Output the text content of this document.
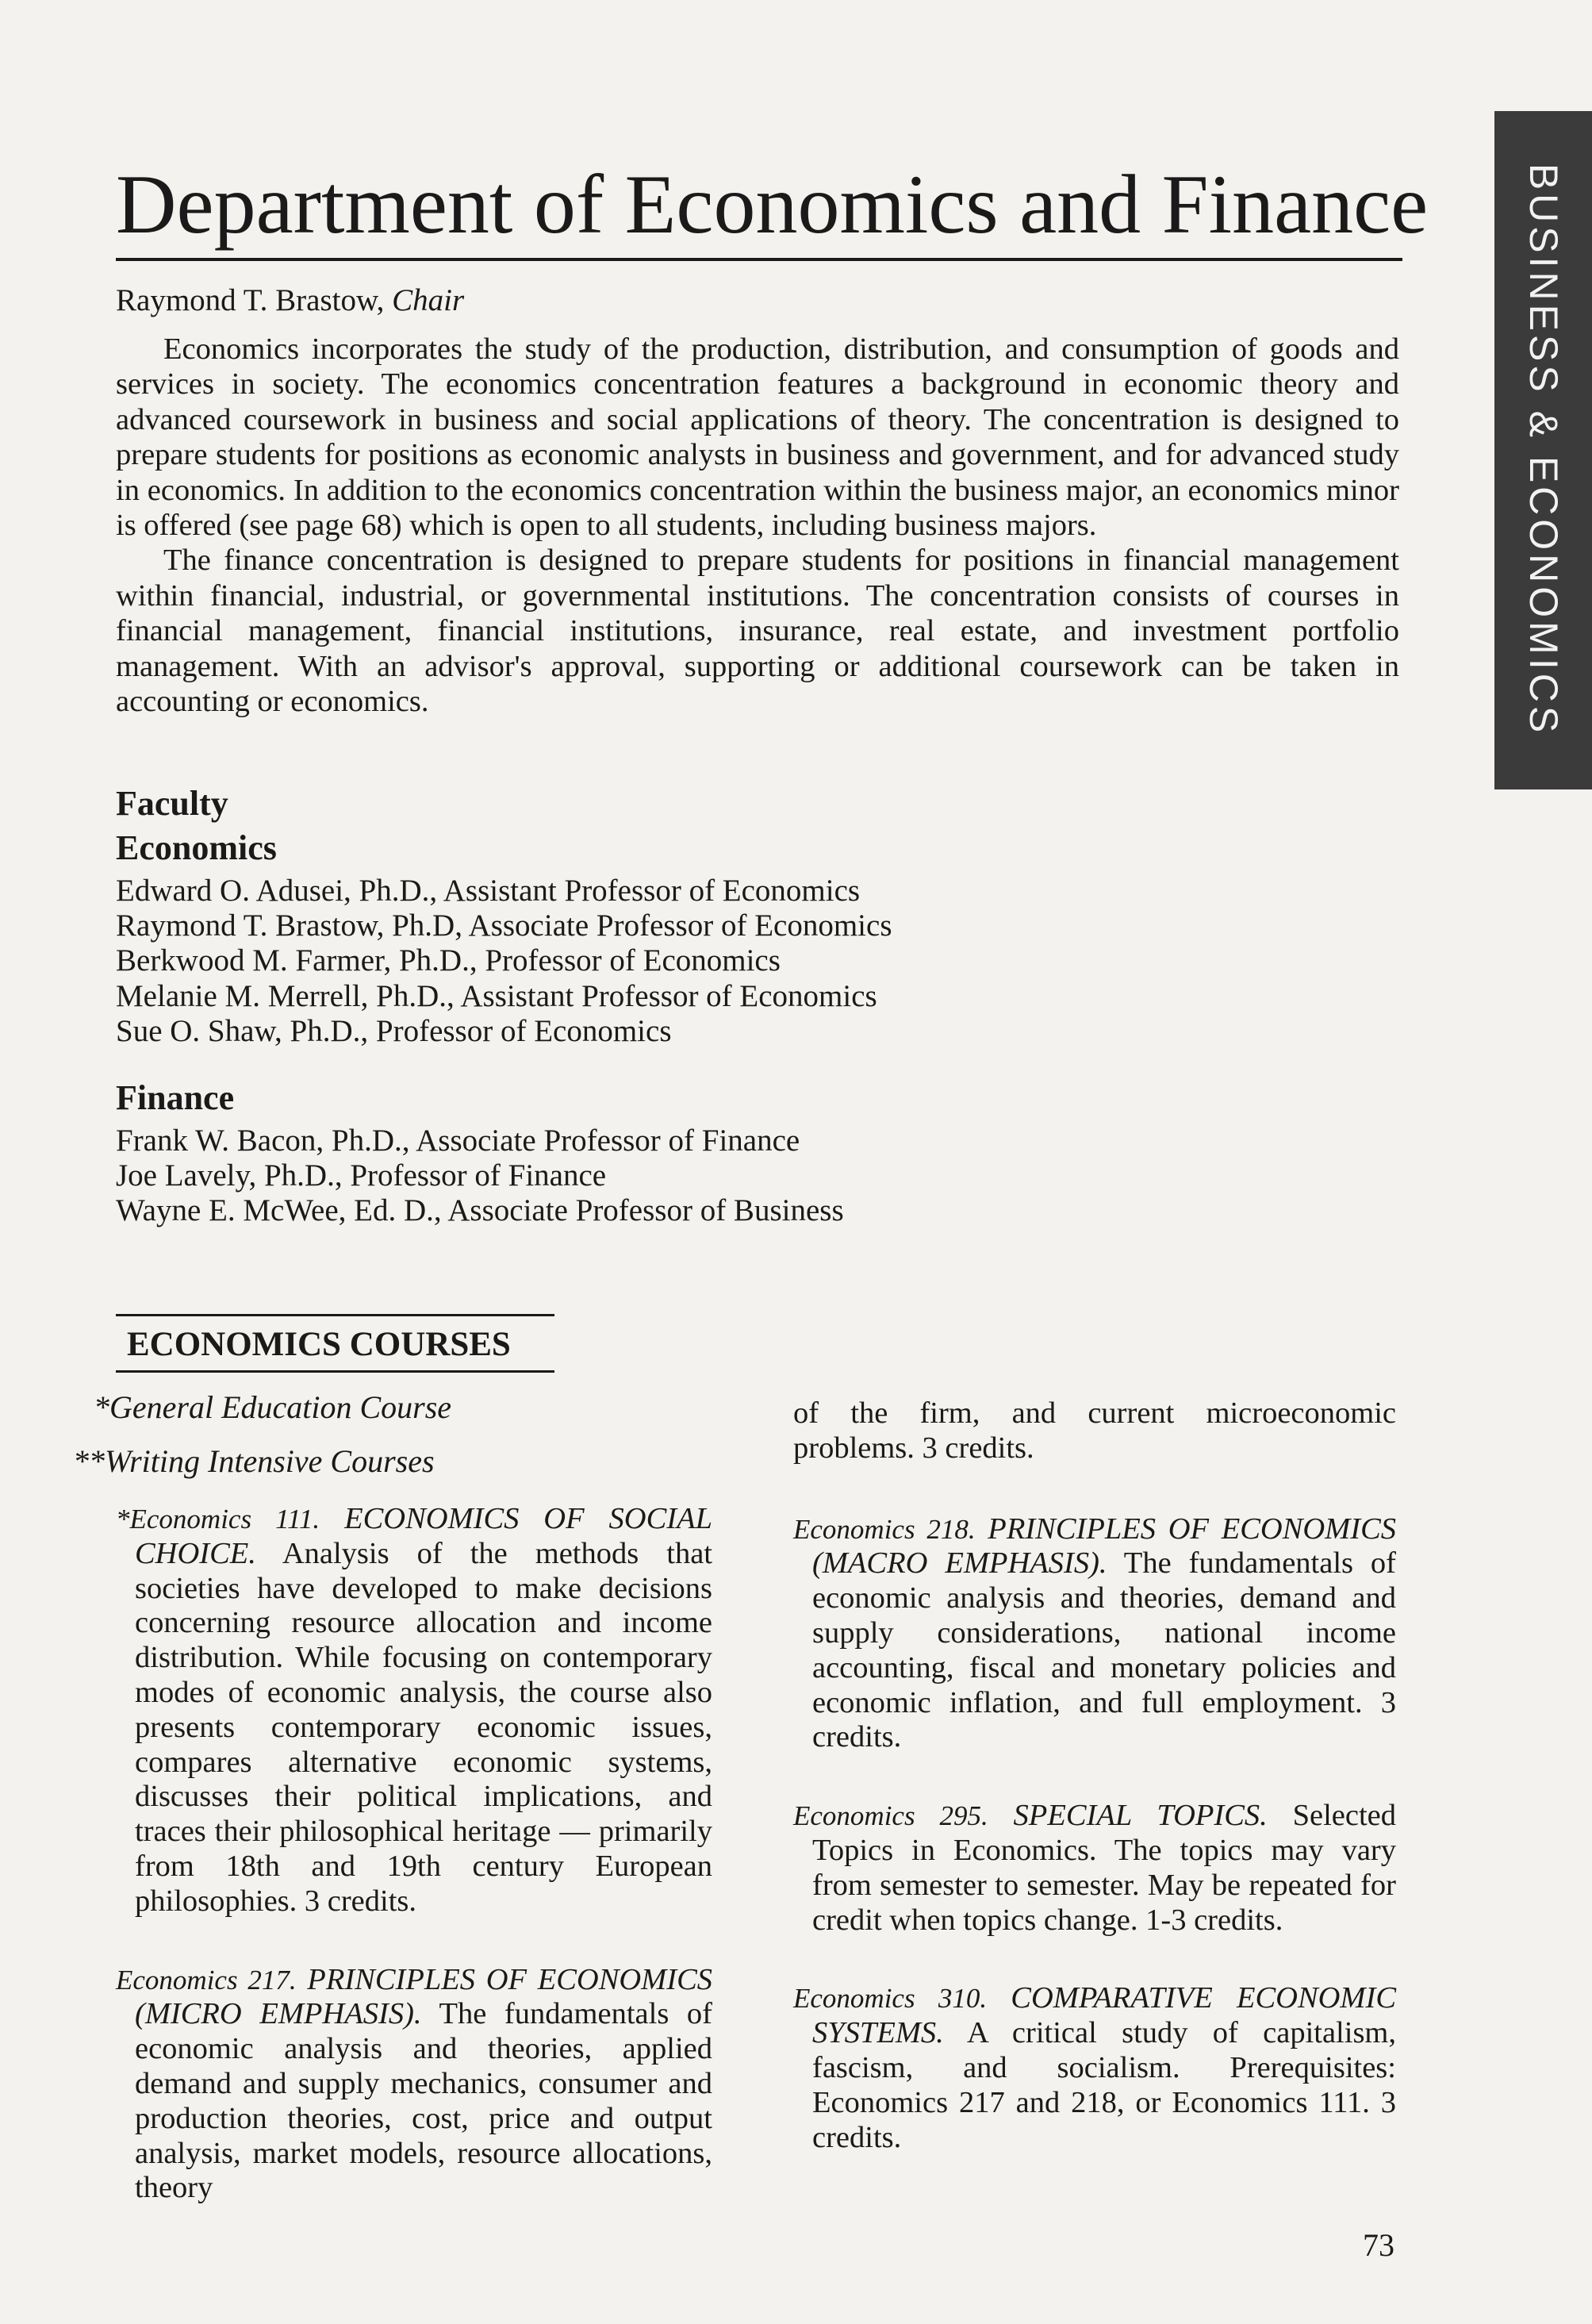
BUSINESS & ECONOMICS
Department of Economics and Finance
Raymond T. Brastow, Chair

Economics incorporates the study of the production, distribution, and consumption of goods and services in society. The economics concentration features a background in economic theory and advanced coursework in business and social applications of theory. The concentration is designed to prepare students for positions as economic analysts in business and government, and for advanced study in economics. In addition to the economics concentration within the business major, an economics minor is offered (see page 68) which is open to all students, including business majors.

The finance concentration is designed to prepare students for positions in financial management within financial, industrial, or governmental institutions. The concentration consists of courses in financial management, financial institutions, insurance, real estate, and investment portfolio management. With an advisor's approval, supporting or additional coursework can be taken in accounting or economics.

Faculty
Economics
Edward O. Adusei, Ph.D., Assistant Professor of Economics
Raymond T. Brastow, Ph.D, Associate Professor of Economics
Berkwood M. Farmer, Ph.D., Professor of Economics
Melanie M. Merrell, Ph.D., Assistant Professor of Economics
Sue O. Shaw, Ph.D., Professor of Economics
Finance
Frank W. Bacon, Ph.D., Associate Professor of Finance
Joe Lavely, Ph.D., Professor of Finance
Wayne E. McWee, Ed. D., Associate Professor of Business
ECONOMICS COURSES
*General Education Course
**Writing Intensive Courses

*Economics 111. ECONOMICS OF SOCIAL CHOICE. Analysis of the methods that societies have developed to make decisions concerning resource allocation and income distribution. While focusing on contemporary modes of economic analysis, the course also presents contemporary economic issues, compares alternative economic systems, discusses their political implications, and traces their philosophical heritage — primarily from 18th and 19th century European philosophies. 3 credits.

Economics 217. PRINCIPLES OF ECONOMICS (MICRO EMPHASIS). The fundamentals of economic analysis and theories, applied demand and supply mechanics, consumer and production theories, cost, price and output analysis, market models, resource allocations, theory

of the firm, and current microeconomic problems. 3 credits.

Economics 218. PRINCIPLES OF ECONOMICS (MACRO EMPHASIS). The fundamentals of economic analysis and theories, demand and supply considerations, national income accounting, fiscal and monetary policies and economic inflation, and full employment. 3 credits.

Economics 295. SPECIAL TOPICS. Selected Topics in Economics. The topics may vary from semester to semester. May be repeated for credit when topics change. 1-3 credits.

Economics 310. COMPARATIVE ECONOMIC SYSTEMS. A critical study of capitalism, fascism, and socialism. Prerequisites: Economics 217 and 218, or Economics 111. 3 credits.

73
